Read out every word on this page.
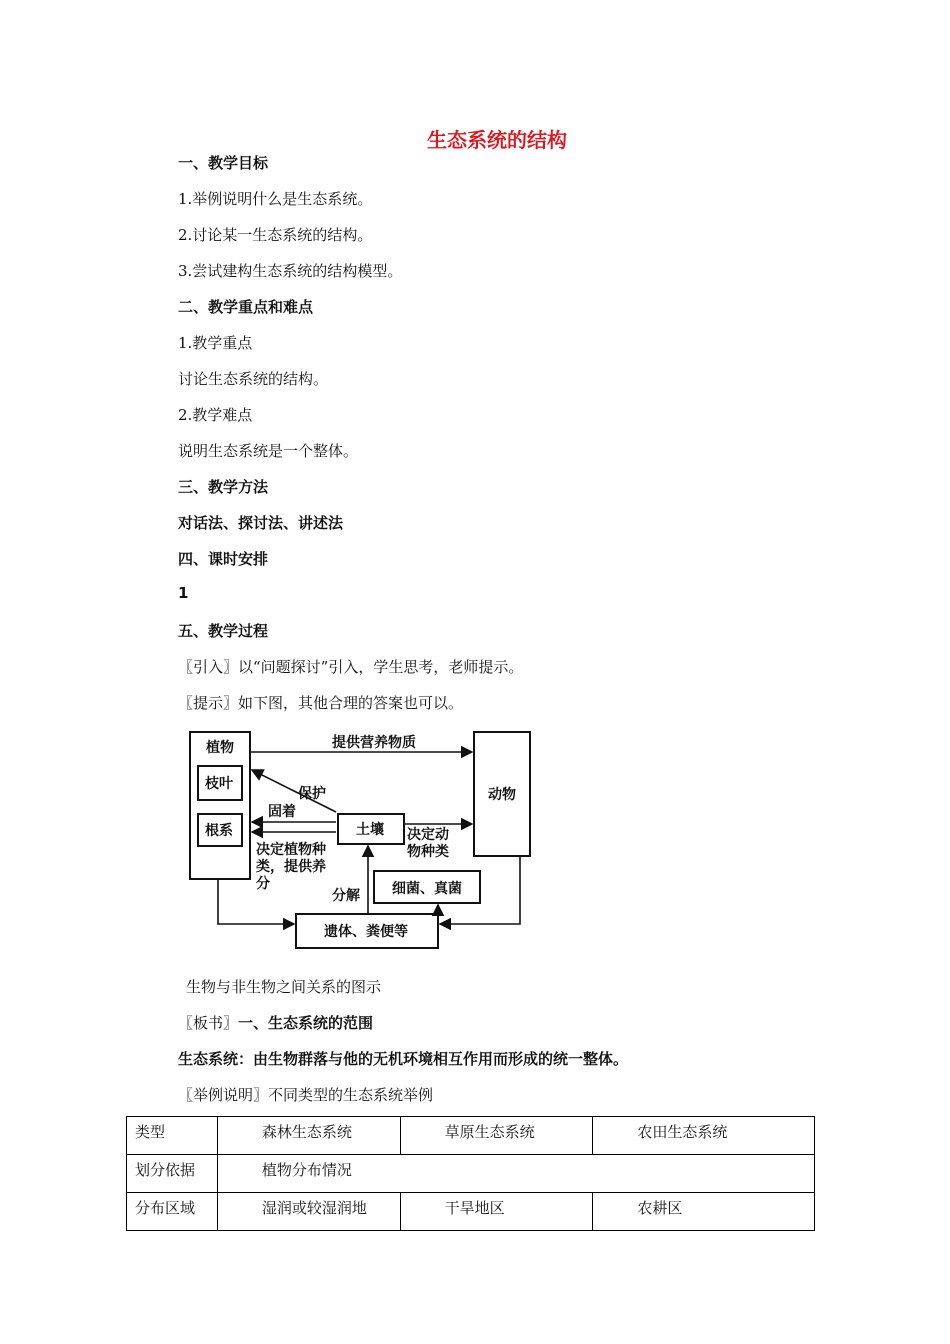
生态系统的结构
一、教学目标
1.举例说明什么是生态系统。
2.讨论某一生态系统的结构。
3.尝试建构生态系统的结构模型。
二、教学重点和难点
1.教学重点
讨论生态系统的结构。
2.教学难点
说明生态系统是一个整体。
三、教学方法
对话法、探讨法、讲述法
四、课时安排
1
五、教学过程
〖引入〗以“问题探讨”引入，学生思考，老师提示。
〖提示〗如下图，其他合理的答案也可以。
植物
枝叶
根系
动物
土壤
细菌、真菌
遗体、粪便等
提供营养物质
保护
固着
决定植物种
类，提供养
分
决定动
物种类
分解
生物与非生物之间关系的图示
〖板书〗一、生态系统的范围
生态系统：由生物群落与他的无机环境相互作用而形成的统一整体。
〖举例说明〗不同类型的生态系统举例
类型	森林生态系统	草原生态系统	农田生态系统
划分依据	植物分布情况		
分布区域	湿润或较湿润地	干旱地区	农耕区
